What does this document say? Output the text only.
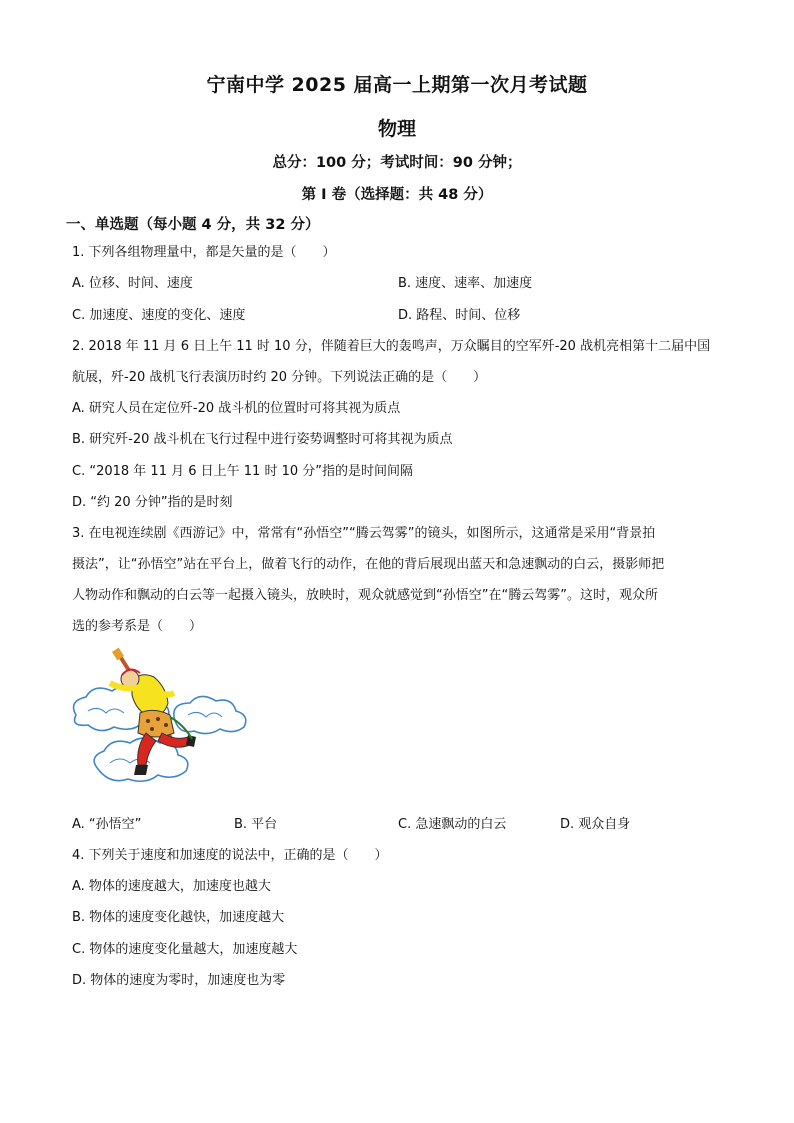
宁南中学 2025 届高一上期第一次月考试题
物理
总分：100 分；考试时间：90 分钟；
第 I 卷（选择题：共 48 分）
一、单选题（每小题 4 分，共 32 分）
1. 下列各组物理量中，都是矢量的是（　　）
A. 位移、时间、速度	B. 速度、速率、加速度
C. 加速度、速度的变化、速度	D. 路程、时间、位移
2. 2018 年 11 月 6 日上午 11 时 10 分，伴随着巨大的轰鸣声，万众瞩目的空军歼-20 战机亮相第十二届中国
航展，歼-20 战机飞行表演历时约 20 分钟。下列说法正确的是（　　）
A. 研究人员在定位歼-20 战斗机的位置时可将其视为质点
B. 研究歼-20 战斗机在飞行过程中进行姿势调整时可将其视为质点
C. “2018 年 11 月 6 日上午 11 时 10 分”指的是时间间隔
D. “约 20 分钟”指的是时刻
3. 在电视连续剧《西游记》中，常常有“孙悟空”“腾云驾雾”的镜头，如图所示，这通常是采用“背景拍
摄法”，让“孙悟空”站在平台上，做着飞行的动作，在他的背后展现出蓝天和急速飘动的白云，摄影师把
人物动作和飘动的白云等一起摄入镜头，放映时，观众就感觉到“孙悟空”在“腾云驾雾”。这时，观众所
选的参考系是（　　）
A. “孙悟空”	B. 平台	C. 急速飘动的白云	D. 观众自身
4. 下列关于速度和加速度的说法中，正确的是（　　）
A. 物体的速度越大，加速度也越大
B. 物体的速度变化越快，加速度越大
C. 物体的速度变化量越大，加速度越大
D. 物体的速度为零时，加速度也为零
